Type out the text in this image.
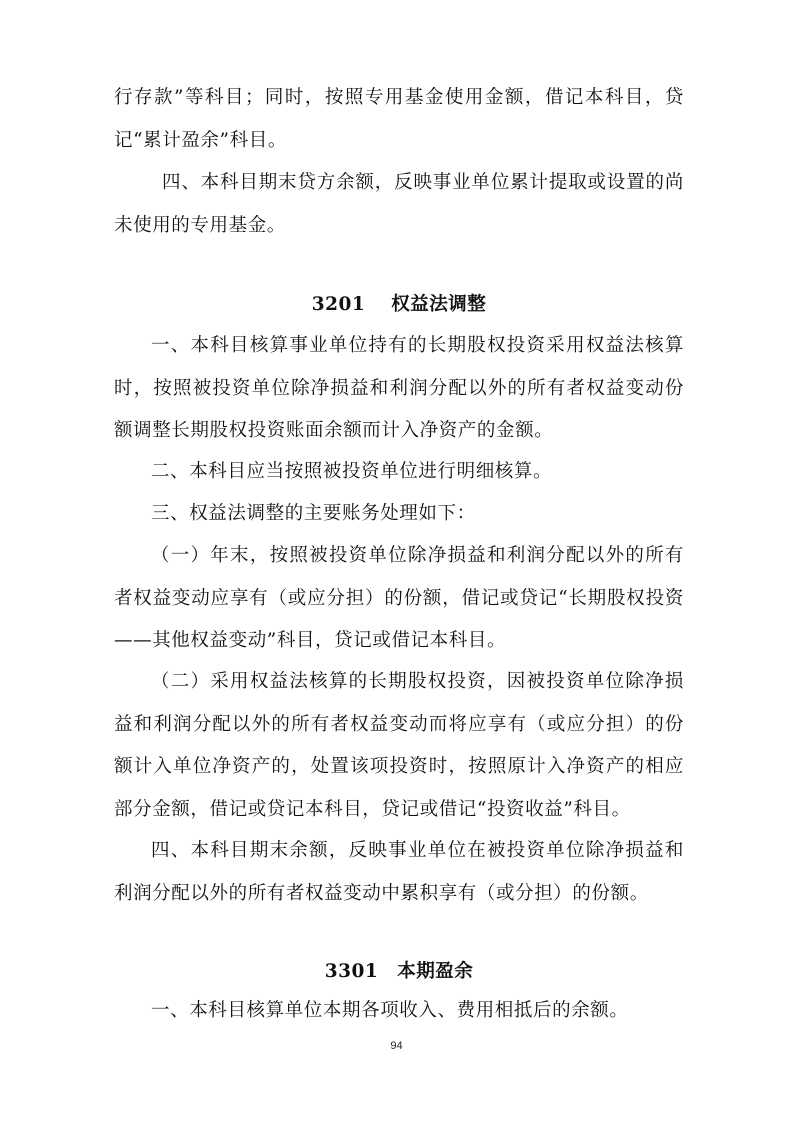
行存款”等科目；同时，按照专用基金使用金额，借记本科目，贷记“累计盈余”科目。

四、本科目期末贷方余额，反映事业单位累计提取或设置的尚未使用的专用基金。

3201　 权益法调整

一、本科目核算事业单位持有的长期股权投资采用权益法核算时，按照被投资单位除净损益和利润分配以外的所有者权益变动份额调整长期股权投资账面余额而计入净资产的金额。

二、本科目应当按照被投资单位进行明细核算。

三、权益法调整的主要账务处理如下：

（一）年末，按照被投资单位除净损益和利润分配以外的所有者权益变动应享有（或应分担）的份额，借记或贷记“长期股权投资——其他权益变动”科目，贷记或借记本科目。

（二）采用权益法核算的长期股权投资，因被投资单位除净损益和利润分配以外的所有者权益变动而将应享有（或应分担）的份额计入单位净资产的，处置该项投资时，按照原计入净资产的相应部分金额，借记或贷记本科目，贷记或借记“投资收益”科目。

四、本科目期末余额，反映事业单位在被投资单位除净损益和利润分配以外的所有者权益变动中累积享有（或分担）的份额。

3301　本期盈余

一、本科目核算单位本期各项收入、费用相抵后的余额。

94
